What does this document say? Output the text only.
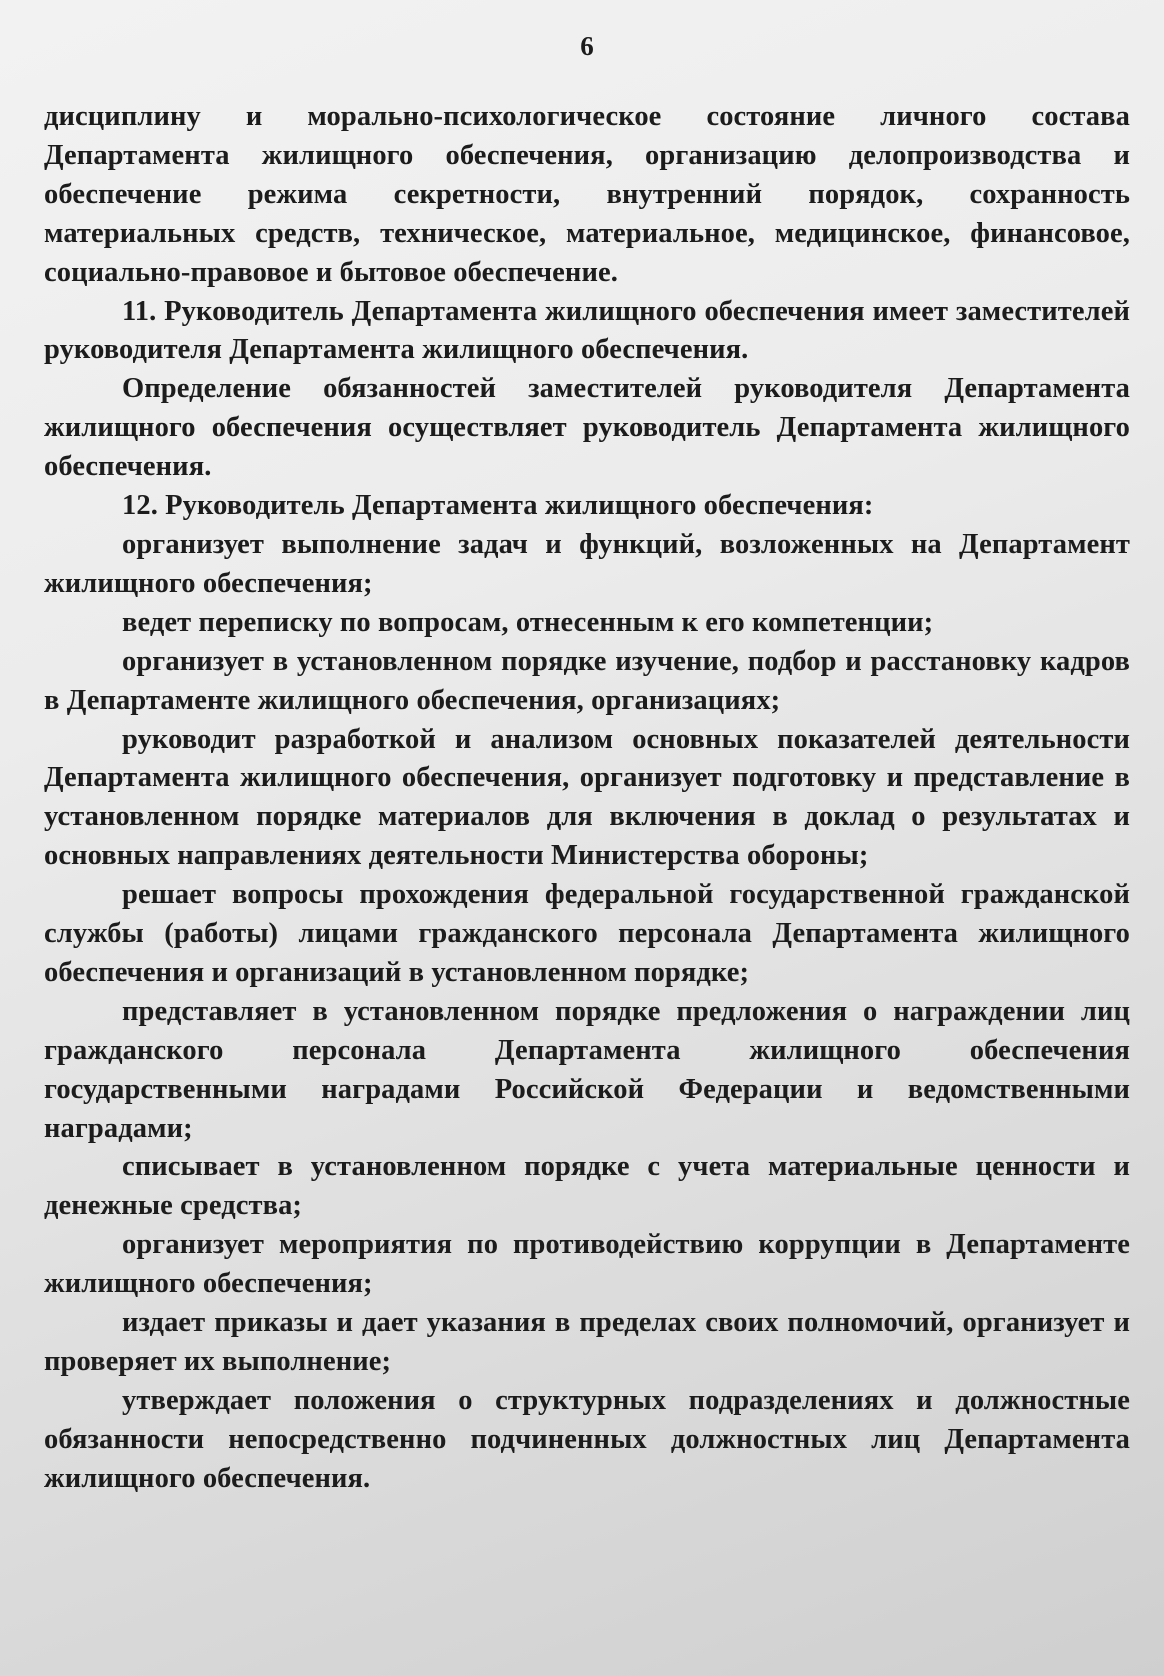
6

дисциплину и морально-психологическое состояние личного состава Департамента жилищного обеспечения, организацию делопроизводства и обеспечение режима секретности, внутренний порядок, сохранность материальных средств, техническое, материальное, медицинское, финансовое, социально-правовое и бытовое обеспечение.

11. Руководитель Департамента жилищного обеспечения имеет заместителей руководителя Департамента жилищного обеспечения.

Определение обязанностей заместителей руководителя Департамента жилищного обеспечения осуществляет руководитель Департамента жилищного обеспечения.

12. Руководитель Департамента жилищного обеспечения:

организует выполнение задач и функций, возложенных на Департамент жилищного обеспечения;

ведет переписку по вопросам, отнесенным к его компетенции;

организует в установленном порядке изучение, подбор и расстановку кадров в Департаменте жилищного обеспечения, организациях;

руководит разработкой и анализом основных показателей деятельности Департамента жилищного обеспечения, организует подготовку и представление в установленном порядке материалов для включения в доклад о результатах и основных направлениях деятельности Министерства обороны;

решает вопросы прохождения федеральной государственной гражданской службы (работы) лицами гражданского персонала Департамента жилищного обеспечения и организаций в установленном порядке;

представляет в установленном порядке предложения о награждении лиц гражданского персонала Департамента жилищного обеспечения государственными наградами Российской Федерации и ведомственными наградами;

списывает в установленном порядке с учета материальные ценности и денежные средства;

организует мероприятия по противодействию коррупции в Департаменте жилищного обеспечения;

издает приказы и дает указания в пределах своих полномочий, организует и проверяет их выполнение;

утверждает положения о структурных подразделениях и должностные обязанности непосредственно подчиненных должностных лиц Департамента жилищного обеспечения.
